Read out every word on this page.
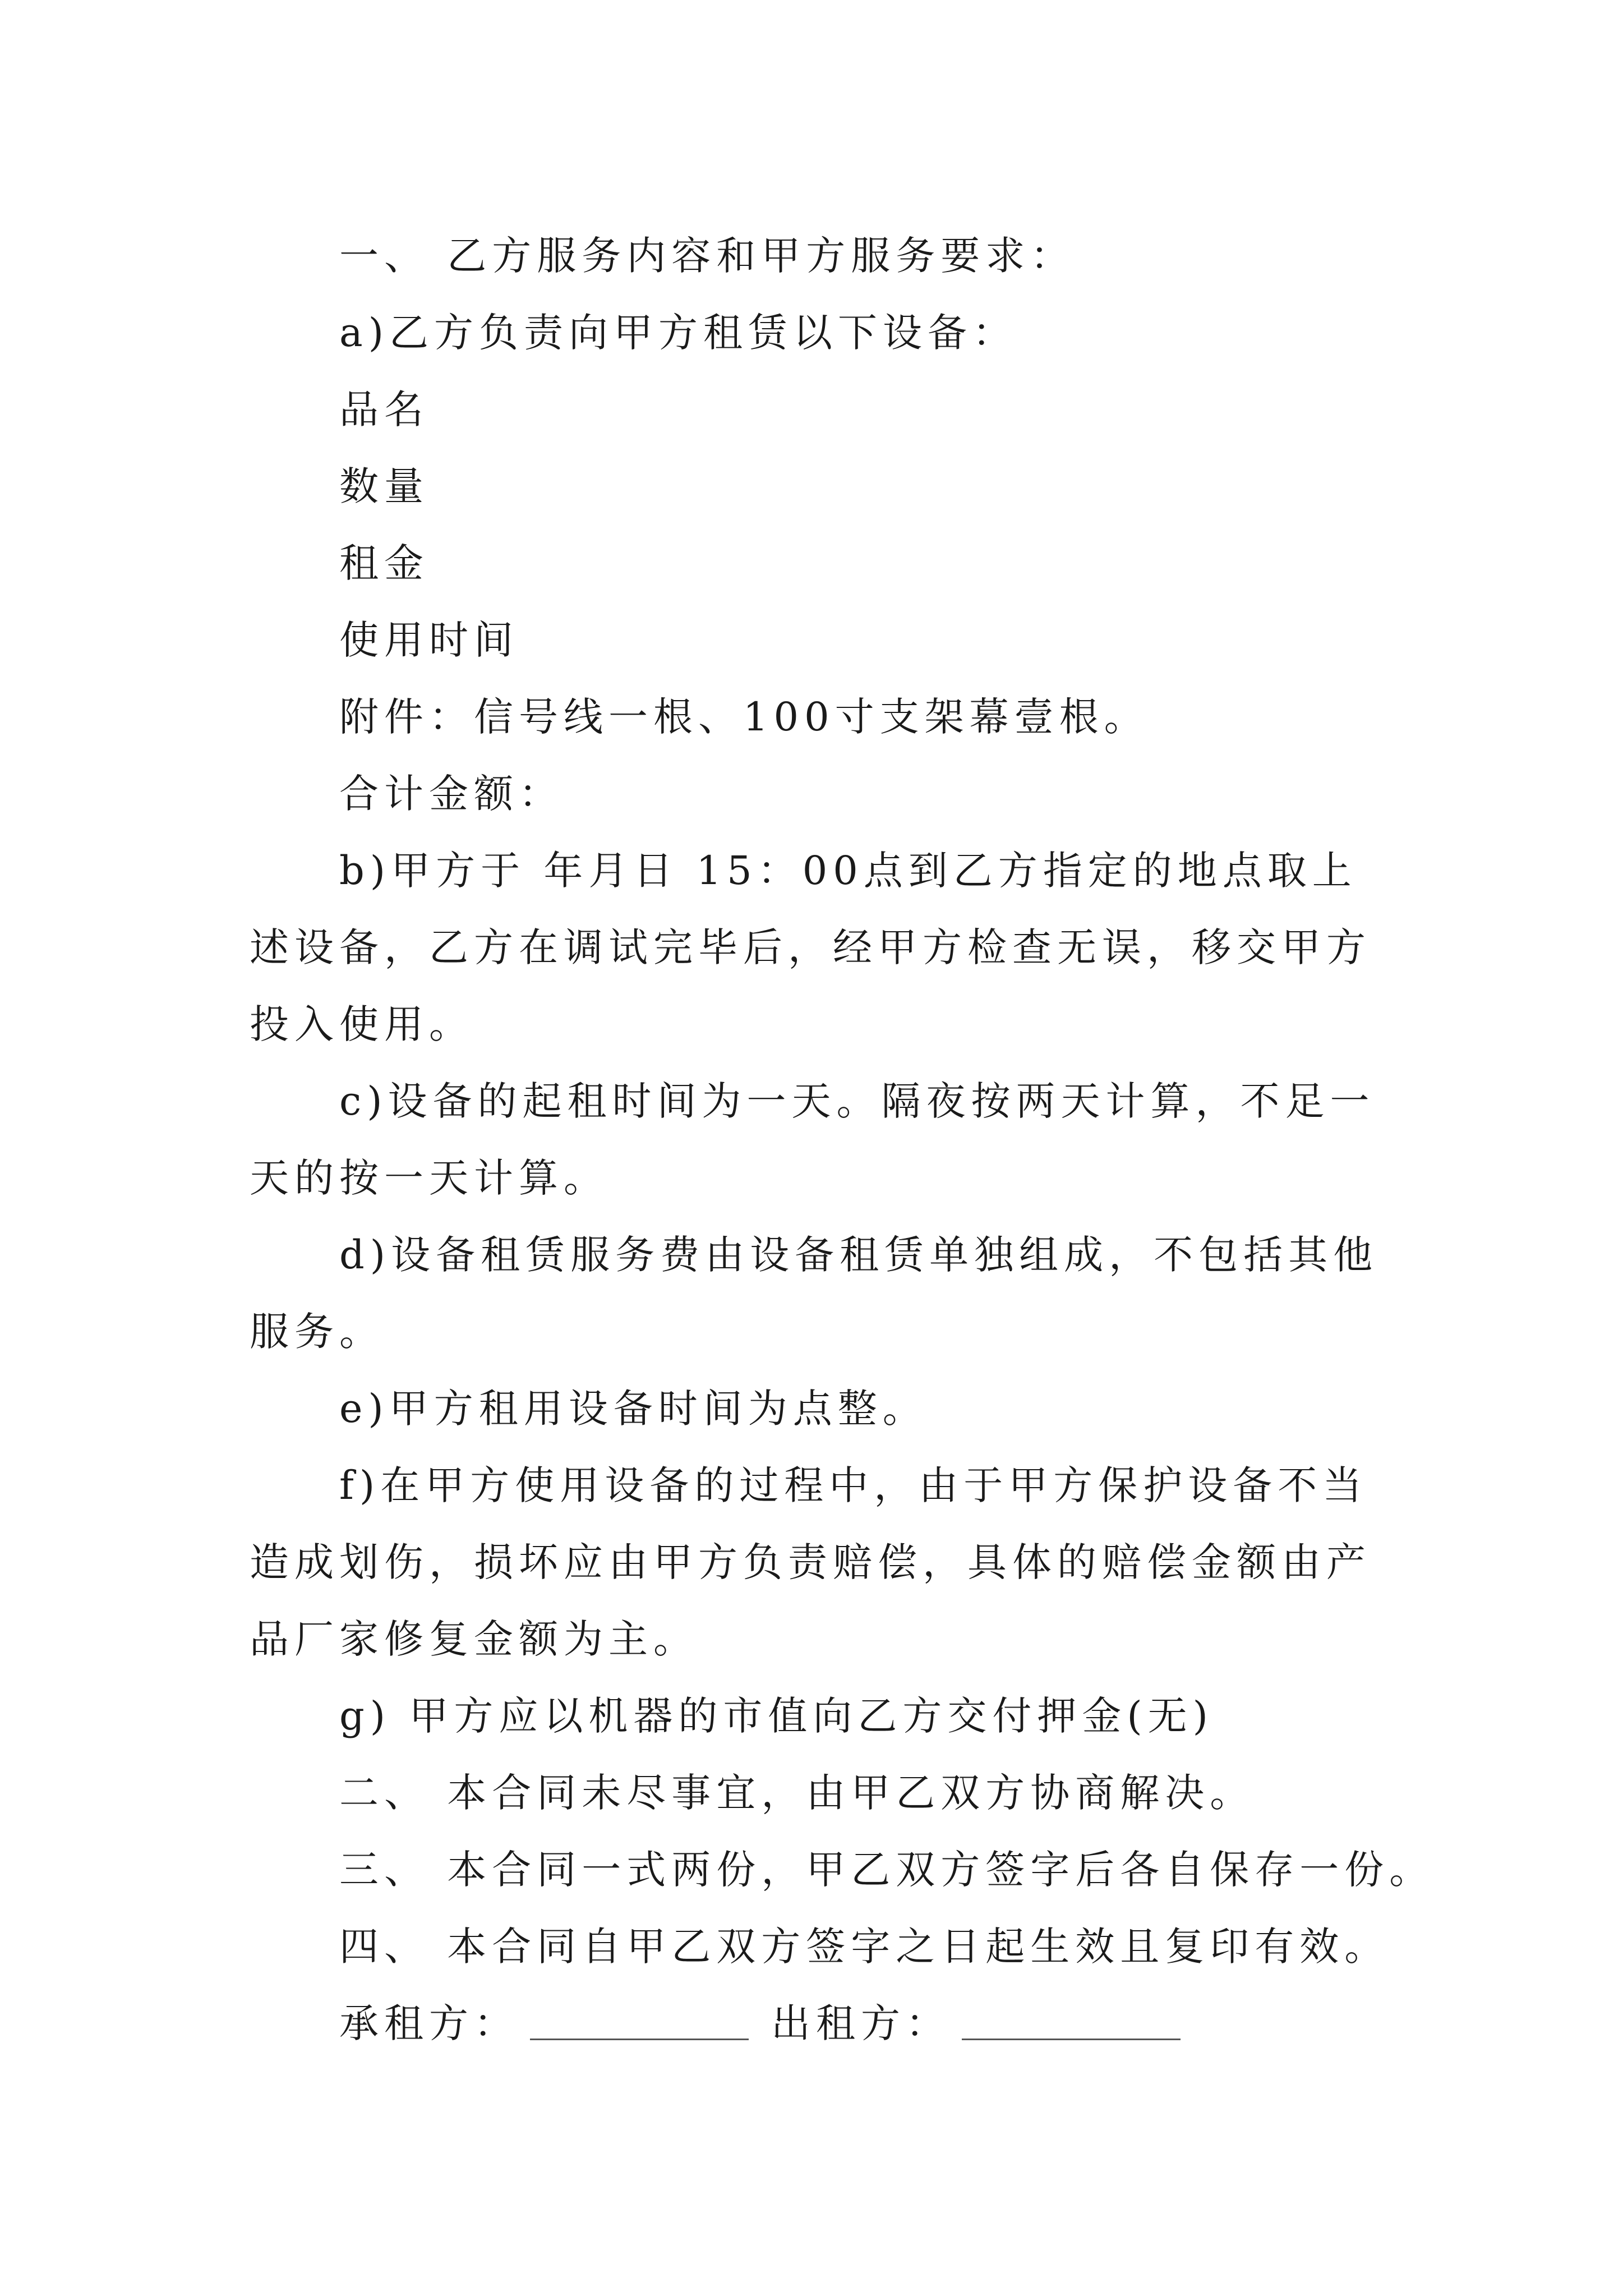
一、 乙方服务内容和甲方服务要求：

a)乙方负责向甲方租赁以下设备：

品名

数量

租金

使用时间

附件：信号线一根、100寸支架幕壹根。

合计金额：

b)甲方于 年月日 15：00点到乙方指定的地点取上述设备，乙方在调试完毕后，经甲方检查无误，移交甲方投入使用。

c)设备的起租时间为一天。隔夜按两天计算，不足一天的按一天计算。

d)设备租赁服务费由设备租赁单独组成，不包括其他服务。

e)甲方租用设备时间为点整。

f)在甲方使用设备的过程中，由于甲方保护设备不当造成划伤，损坏应由甲方负责赔偿，具体的赔偿金额由产品厂家修复金额为主。

g) 甲方应以机器的市值向乙方交付押金(无)

二、 本合同未尽事宜，由甲乙双方协商解决。

三、 本合同一式两份，甲乙双方签字后各自保存一份。

四、 本合同自甲乙双方签字之日起生效且复印有效。

承租方：	出租方：
